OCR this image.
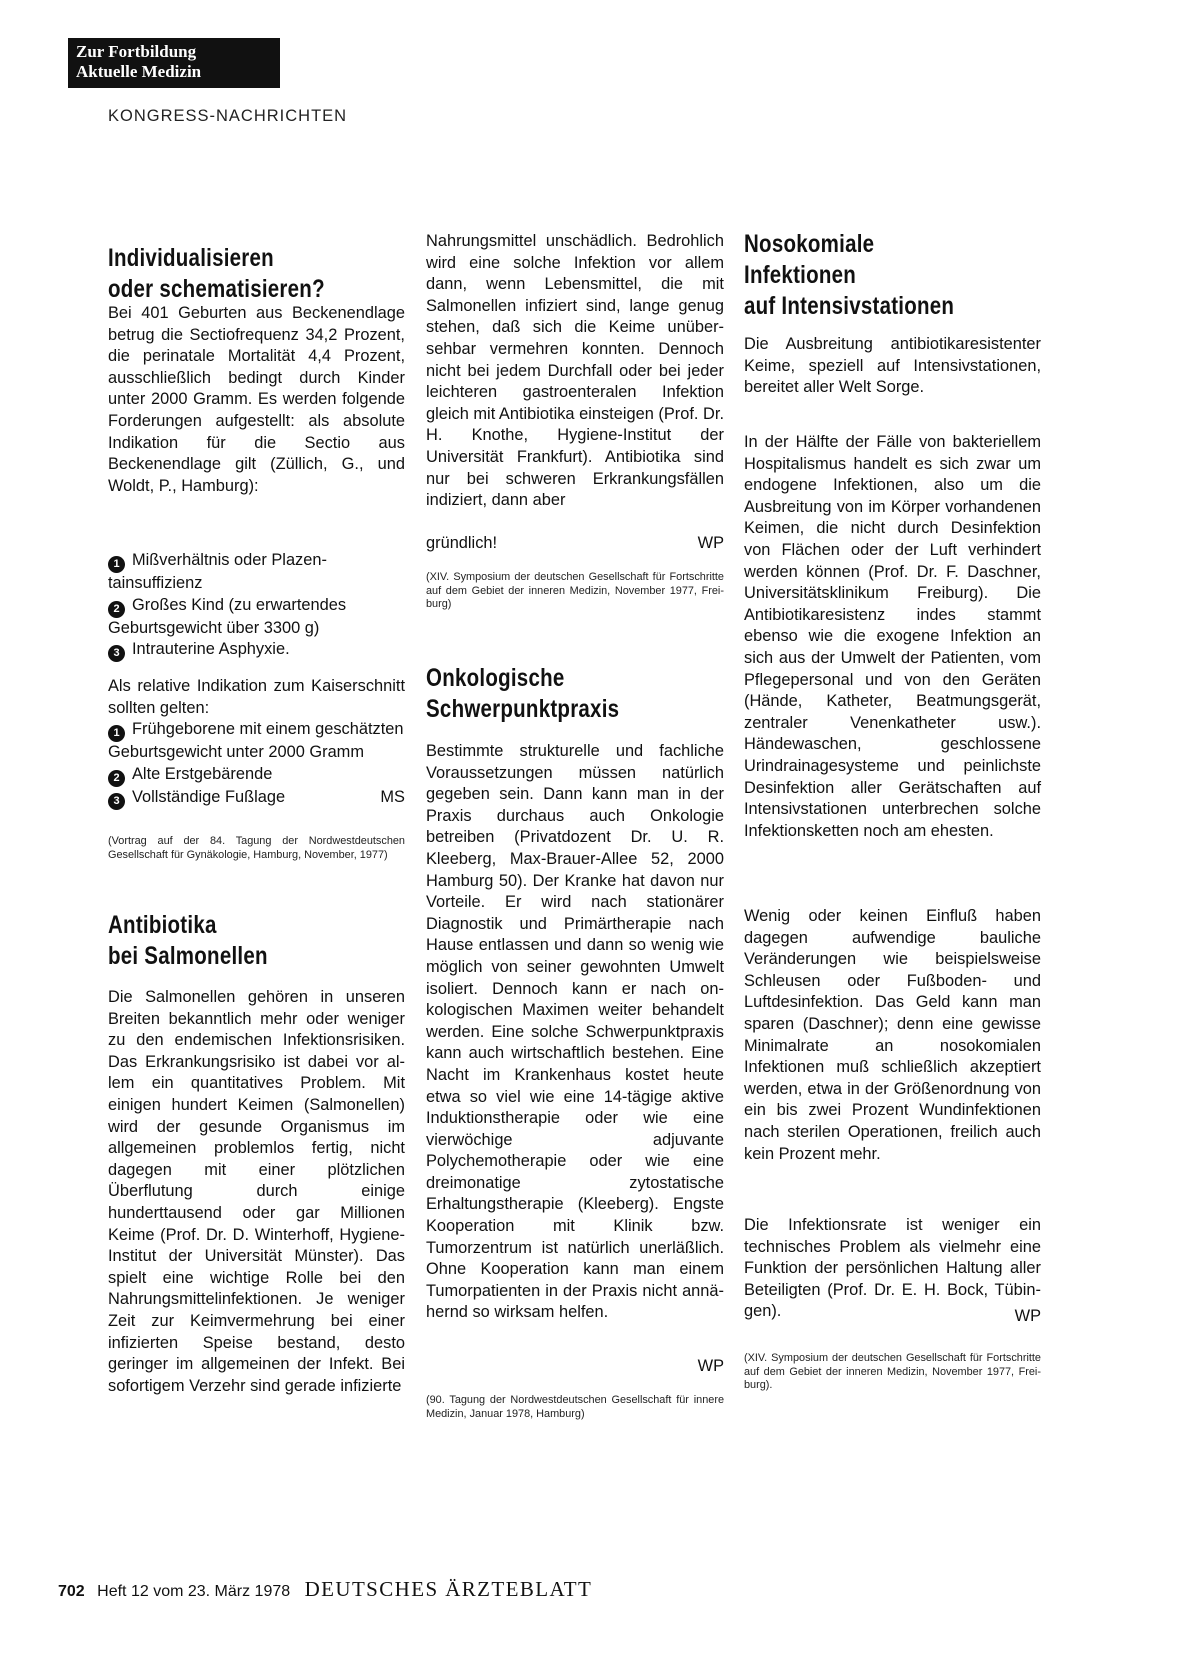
Zur Fortbildung
Aktuelle Medizin
KONGRESS-NACHRICHTEN
Individualisieren
oder schematisieren?
Bei 401 Geburten aus Beckenendlage betrug die Sectiofrequenz 34,2 Prozent, die perinatale Mortalität 4,4 Prozent, ausschließlich bedingt durch Kinder unter 2000 Gramm. Es werden folgende Forderungen aufgestellt: als absolute Indikation für die Sectio aus Beckenendlage gilt (Züllich, G., und Woldt, P., Hamburg):
1 Mißverhältnis oder Plazentainsuffizienz
2 Großes Kind (zu erwartendes Geburtsgewicht über 3300 g)
3 Intrauterine Asphyxie.
Als relative Indikation zum Kaiserschnitt sollten gelten:
1 Frühgeborene mit einem geschätzten Geburtsgewicht unter 2000 Gramm
2 Alte Erstgebärende
3 Vollständige Fußlage	MS
(Vortrag auf der 84. Tagung der Nordwestdeutschen Gesellschaft für Gynäkologie, Hamburg, November, 1977)
Antibiotika
bei Salmonellen
Die Salmonellen gehören in unseren Breiten bekanntlich mehr oder weniger zu den endemischen Infektionsrisiken. Das Erkrankungsrisiko ist dabei vor allem ein quantitatives Problem. Mit einigen hundert Keimen (Salmonellen) wird der gesunde Organismus im allgemeinen problemlos fertig, nicht dagegen mit einer plötzlichen Überflutung durch einige hunderttausend oder gar Millionen Keime (Prof. Dr. D. Winterhoff, Hygiene-Institut der Universität Münster). Das spielt eine wichtige Rolle bei den Nahrungsmittelinfektionen. Je weniger Zeit zur Keimvermehrung bei einer infizierten Speise bestand, desto geringer im allgemeinen der Infekt. Bei sofortigem Verzehr sind gerade infizierte
Nahrungsmittel unschädlich. Bedrohlich wird eine solche Infektion vor allem dann, wenn Lebensmittel, die mit Salmonellen infiziert sind, lange genug stehen, daß sich die Keime unübersehbar vermehren konnten. Dennoch nicht bei jedem Durchfall oder bei jeder leichteren gastroenteralen Infektion gleich mit Antibiotika einsteigen (Prof. Dr. H. Knothe, Hygiene-Institut der Universität Frankfurt). Antibiotika sind nur bei schweren Erkrankungsfällen indiziert, dann aber
gründlich!	WP
(XIV. Symposium der deutschen Gesellschaft für Fortschritte auf dem Gebiet der inneren Medizin, November 1977, Freiburg)
Onkologische
Schwerpunktpraxis
Bestimmte strukturelle und fachliche Voraussetzungen müssen natürlich gegeben sein. Dann kann man in der Praxis durchaus auch Onkologie betreiben (Privatdozent Dr. U. R. Kleeberg, Max-Brauer-Allee 52, 2000 Hamburg 50). Der Kranke hat davon nur Vorteile. Er wird nach stationärer Diagnostik und Primärtherapie nach Hause entlassen und dann so wenig wie möglich von seiner gewohnten Umwelt isoliert. Dennoch kann er nach onkologischen Maximen weiter behandelt werden. Eine solche Schwerpunktpraxis kann auch wirtschaftlich bestehen. Eine Nacht im Krankenhaus kostet heute etwa so viel wie eine 14-tägige aktive Induktionstherapie oder wie eine vierwöchige adjuvante Polychemotherapie oder wie eine dreimonatige zytostatische Erhaltungstherapie (Kleeberg). Engste Kooperation mit Klinik bzw. Tumorzentrum ist natürlich unerläßlich. Ohne Kooperation kann man einem Tumorpatienten in der Praxis nicht annähernd so wirksam helfen.
WP
(90. Tagung der Nordwestdeutschen Gesellschaft für innere Medizin, Januar 1978, Hamburg)
Nosokomiale
Infektionen
auf Intensivstationen
Die Ausbreitung antibiotikaresistenter Keime, speziell auf Intensivstationen, bereitet aller Welt Sorge.
In der Hälfte der Fälle von bakteriellem Hospitalismus handelt es sich zwar um endogene Infektionen, also um die Ausbreitung von im Körper vorhandenen Keimen, die nicht durch Desinfektion von Flächen oder der Luft verhindert werden können (Prof. Dr. F. Daschner, Universitätsklinikum Freiburg). Die Antibiotikaresistenz indes stammt ebenso wie die exogene Infektion an sich aus der Umwelt der Patienten, vom Pflegepersonal und von den Geräten (Hände, Katheter, Beatmungsgerät, zentraler Venenkatheter usw.). Händewaschen, geschlossene Urindrainagesysteme und peinlichste Desinfektion aller Gerätschaften auf Intensivstationen unterbrechen solche Infektionsketten noch am ehesten.
Wenig oder keinen Einfluß haben dagegen aufwendige bauliche Veränderungen wie beispielsweise Schleusen oder Fußboden- und Luftdesinfektion. Das Geld kann man sparen (Daschner); denn eine gewisse Minimalrate an nosokomialen Infektionen muß schließlich akzeptiert werden, etwa in der Größenordnung von ein bis zwei Prozent Wundinfektionen nach sterilen Operationen, freilich auch kein Prozent mehr.
Die Infektionsrate ist weniger ein technisches Problem als vielmehr eine Funktion der persönlichen Haltung aller Beteiligten (Prof. Dr. E. H. Bock, Tübingen).	WP
(XIV. Symposium der deutschen Gesellschaft für Fortschritte auf dem Gebiet der inneren Medizin, November 1977, Freiburg).
702 Heft 12 vom 23. März 1978 DEUTSCHES ÄRZTEBLATT
